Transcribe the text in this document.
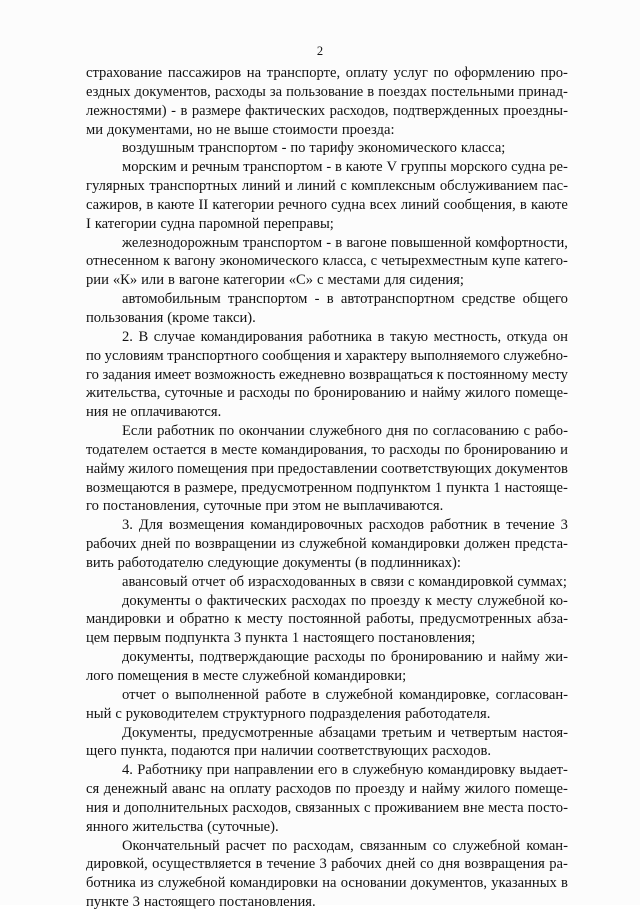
2
страхование пассажиров на транспорте, оплату услуг по оформлению про-
ездных документов, расходы за пользование в поездах постельными принад-
лежностями) - в размере фактических расходов, подтвержденных проездны-
ми документами, но не выше стоимости проезда:
воздушным транспортом - по тарифу экономического класса;
морским и речным транспортом - в каюте V группы морского судна ре-
гулярных транспортных линий и линий с комплексным обслуживанием пас-
сажиров, в каюте II категории речного судна всех линий сообщения, в каюте
I категории судна паромной переправы;
железнодорожным транспортом - в вагоне повышенной комфортности,
отнесенном к вагону экономического класса, с четырехместным купе катего-
рии «К» или в вагоне категории «С» с местами для сидения;
автомобильным транспортом - в автотранспортном средстве общего
пользования (кроме такси).
2. В случае командирования работника в такую местность, откуда он
по условиям транспортного сообщения и характеру выполняемого служебно-
го задания имеет возможность ежедневно возвращаться к постоянному месту
жительства, суточные и расходы по бронированию и найму жилого помеще-
ния не оплачиваются.
Если работник по окончании служебного дня по согласованию с рабо-
тодателем остается в месте командирования, то расходы по бронированию и
найму жилого помещения при предоставлении соответствующих документов
возмещаются в размере, предусмотренном подпунктом 1 пункта 1 настояще-
го постановления, суточные при этом не выплачиваются.
3. Для возмещения командировочных расходов работник в течение 3
рабочих дней по возвращении из служебной командировки должен предста-
вить работодателю следующие документы (в подлинниках):
авансовый отчет об израсходованных в связи с командировкой суммах;
документы о фактических расходах по проезду к месту служебной ко-
мандировки и обратно к месту постоянной работы, предусмотренных абза-
цем первым подпункта 3 пункта 1 настоящего постановления;
документы, подтверждающие расходы по бронированию и найму жи-
лого помещения в месте служебной командировки;
отчет о выполненной работе в служебной командировке, согласован-
ный с руководителем структурного подразделения работодателя.
Документы, предусмотренные абзацами третьим и четвертым настоя-
щего пункта, подаются при наличии соответствующих расходов.
4. Работнику при направлении его в служебную командировку выдает-
ся денежный аванс на оплату расходов по проезду и найму жилого помеще-
ния и дополнительных расходов, связанных с проживанием вне места посто-
янного жительства (суточные).
Окончательный расчет по расходам, связанным со служебной коман-
дировкой, осуществляется в течение 3 рабочих дней со дня возвращения ра-
ботника из служебной командировки на основании документов, указанных в
пункте 3 настоящего постановления.
